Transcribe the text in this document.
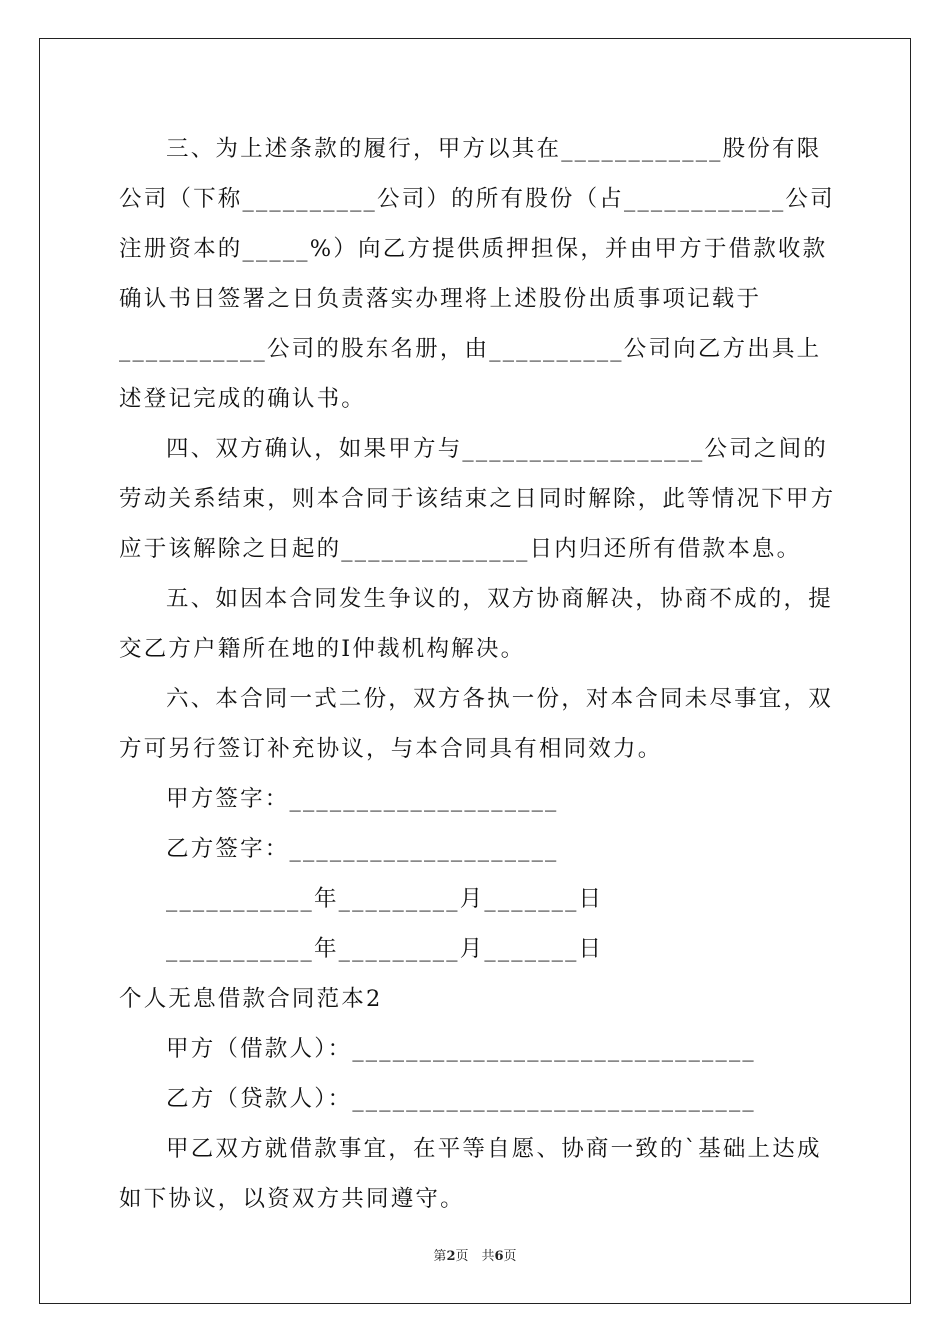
三、为上述条款的履行，甲方以其在____________股份有限公司（下称__________公司）的所有股份（占____________公司注册资本的_____%）向乙方提供质押担保，并由甲方于借款收款确认书日签署之日负责落实办理将上述股份出质事项记载于___________公司的股东名册，由__________公司向乙方出具上述登记完成的确认书。

四、双方确认，如果甲方与__________________公司之间的劳动关系结束，则本合同于该结束之日同时解除，此等情况下甲方应于该解除之日起的______________日内归还所有借款本息。

五、如因本合同发生争议的，双方协商解决，协商不成的，提交乙方户籍所在地的I仲裁机构解决。

六、本合同一式二份，双方各执一份，对本合同未尽事宜，双方可另行签订补充协议，与本合同具有相同效力。

甲方签字：____________________

乙方签字：____________________

___________年_________月_______日

___________年_________月_______日

个人无息借款合同范本2

甲方（借款人）：______________________________

乙方（贷款人）：______________________________

甲乙双方就借款事宜，在平等自愿、协商一致的`基础上达成如下协议，以资双方共同遵守。

第2页　共6页
